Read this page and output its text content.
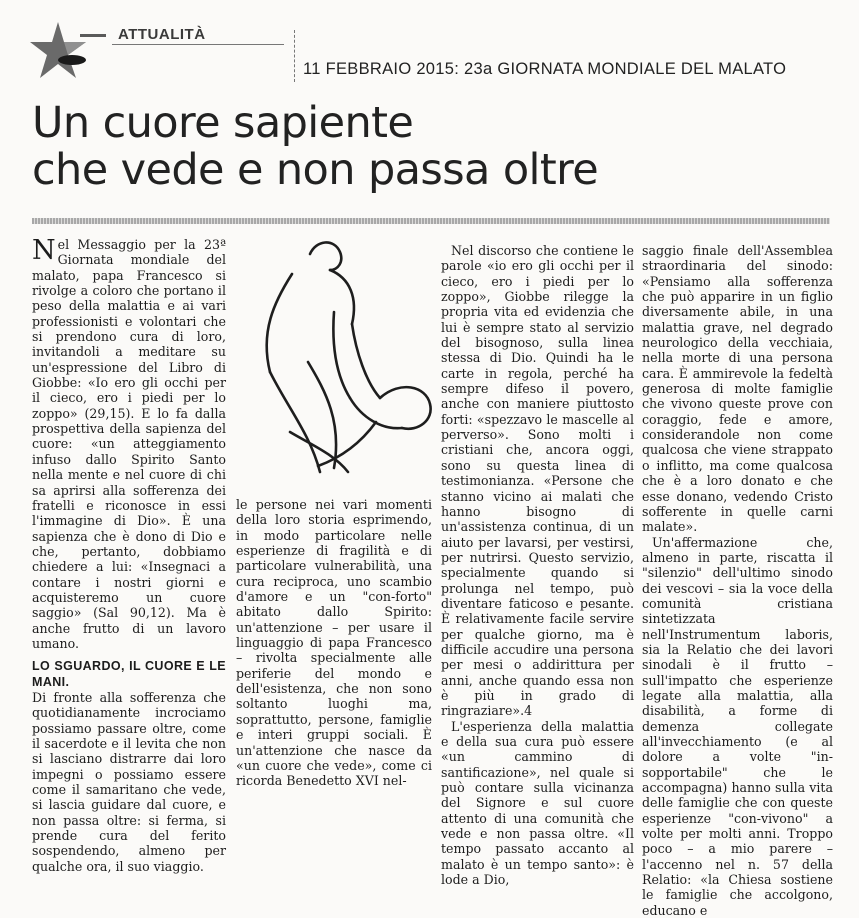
ATTUALITÀ
11 FEBBRAIO 2015: 23a GIORNATA MONDIALE DEL MALATO
Un cuore sapiente
che vede e non passa oltre

Nel Messaggio per la 23ª Giornata mondiale del malato, papa Francesco si rivolge a coloro che portano il peso della malattia e ai vari professionisti e volontari che si prendono cura di loro, invitandoli a meditare su un'espressione del Libro di Giobbe: «Io ero gli occhi per il cieco, ero i piedi per lo zoppo» (29,15). E lo fa dalla prospettiva della sapienza del cuore: «un atteggiamento infuso dallo Spirito Santo nella mente e nel cuore di chi sa aprirsi alla sofferenza dei fratelli e riconosce in essi l'immagine di Dio». È una sapienza che è dono di Dio e che, pertanto, dobbiamo chiedere a lui: «Insegnaci a contare i nostri giorni e acquisteremo un cuore saggio» (Sal 90,12). Ma è anche frutto di un lavoro umano.

LO SGUARDO, IL CUORE E LE MANI.

Di fronte alla sofferenza che quotidianamente incrociamo possiamo passare oltre, come il sacerdote e il levita che non si lasciano distrarre dai loro impegni o possiamo essere come il samaritano che vede, si lascia guidare dal cuore, e non passa oltre: si ferma, si prende cura del ferito sospendendo, almeno per qualche ora, il suo viaggio.

le persone nei vari momenti della loro storia esprimendo, in modo particolare nelle esperienze di fragilità e di particolare vulnerabilità, una cura reciproca, uno scambio d'amore e un "con-forto" abitato dallo Spirito: un'attenzione – per usare il linguaggio di papa Francesco – rivolta specialmente alle periferie del mondo e dell'esistenza, che non sono soltanto luoghi ma, soprattutto, persone, famiglie e interi gruppi sociali. È un'attenzione che nasce da «un cuore che vede», come ci ricorda Benedetto XVI nel-

Nel discorso che contiene le parole «io ero gli occhi per il cieco, ero i piedi per lo zoppo», Giobbe rilegge la propria vita ed evidenzia che lui è sempre stato al servizio del bisognoso, sulla linea stessa di Dio. Quindi ha le carte in regola, perché ha sempre difeso il povero, anche con maniere piuttosto forti: «spezzavo le mascelle al perverso». Sono molti i cristiani che, ancora oggi, sono su questa linea di testimonianza. «Persone che stanno vicino ai malati che hanno bisogno di un'assistenza continua, di un aiuto per lavarsi, per vestirsi, per nutrirsi. Questo servizio, specialmente quando si prolunga nel tempo, può diventare faticoso e pesante. È relativamente facile servire per qualche giorno, ma è difficile accudire una persona per mesi o addirittura per anni, anche quando essa non è più in grado di ringraziare».4

L'esperienza della malattia e della sua cura può essere «un cammino di santificazione», nel quale si può contare sulla vicinanza del Signore e sul cuore attento di una comunità che vede e non passa oltre. «Il tempo passato accanto al malato è un tempo santo»: è lode a Dio,

saggio finale dell'Assemblea straordinaria del sinodo: «Pensiamo alla sofferenza che può apparire in un figlio diversamente abile, in una malattia grave, nel degrado neurologico della vecchiaia, nella morte di una persona cara. È ammirevole la fedeltà generosa di molte famiglie che vivono queste prove con coraggio, fede e amore, considerandole non come qualcosa che viene strappato o inflitto, ma come qualcosa che è a loro donato e che esse donano, vedendo Cristo sofferente in quelle carni malate».

Un'affermazione che, almeno in parte, riscatta il "silenzio" dell'ultimo sinodo dei vescovi – sia la voce della comunità cristiana sintetizzata nell'Instrumentum laboris, sia la Relatio che dei lavori sinodali è il frutto – sull'impatto che esperienze legate alla malattia, alla disabilità, a forme di demenza collegate all'invecchiamento (e al dolore a volte "in-sopportabile" che le accompagna) hanno sulla vita delle famiglie che con queste esperienze "con-vivono" a volte per molti anni. Troppo poco – a mio parere – l'accenno nel n. 57 della Relatio: «la Chiesa sostiene le famiglie che accolgono, educano e
